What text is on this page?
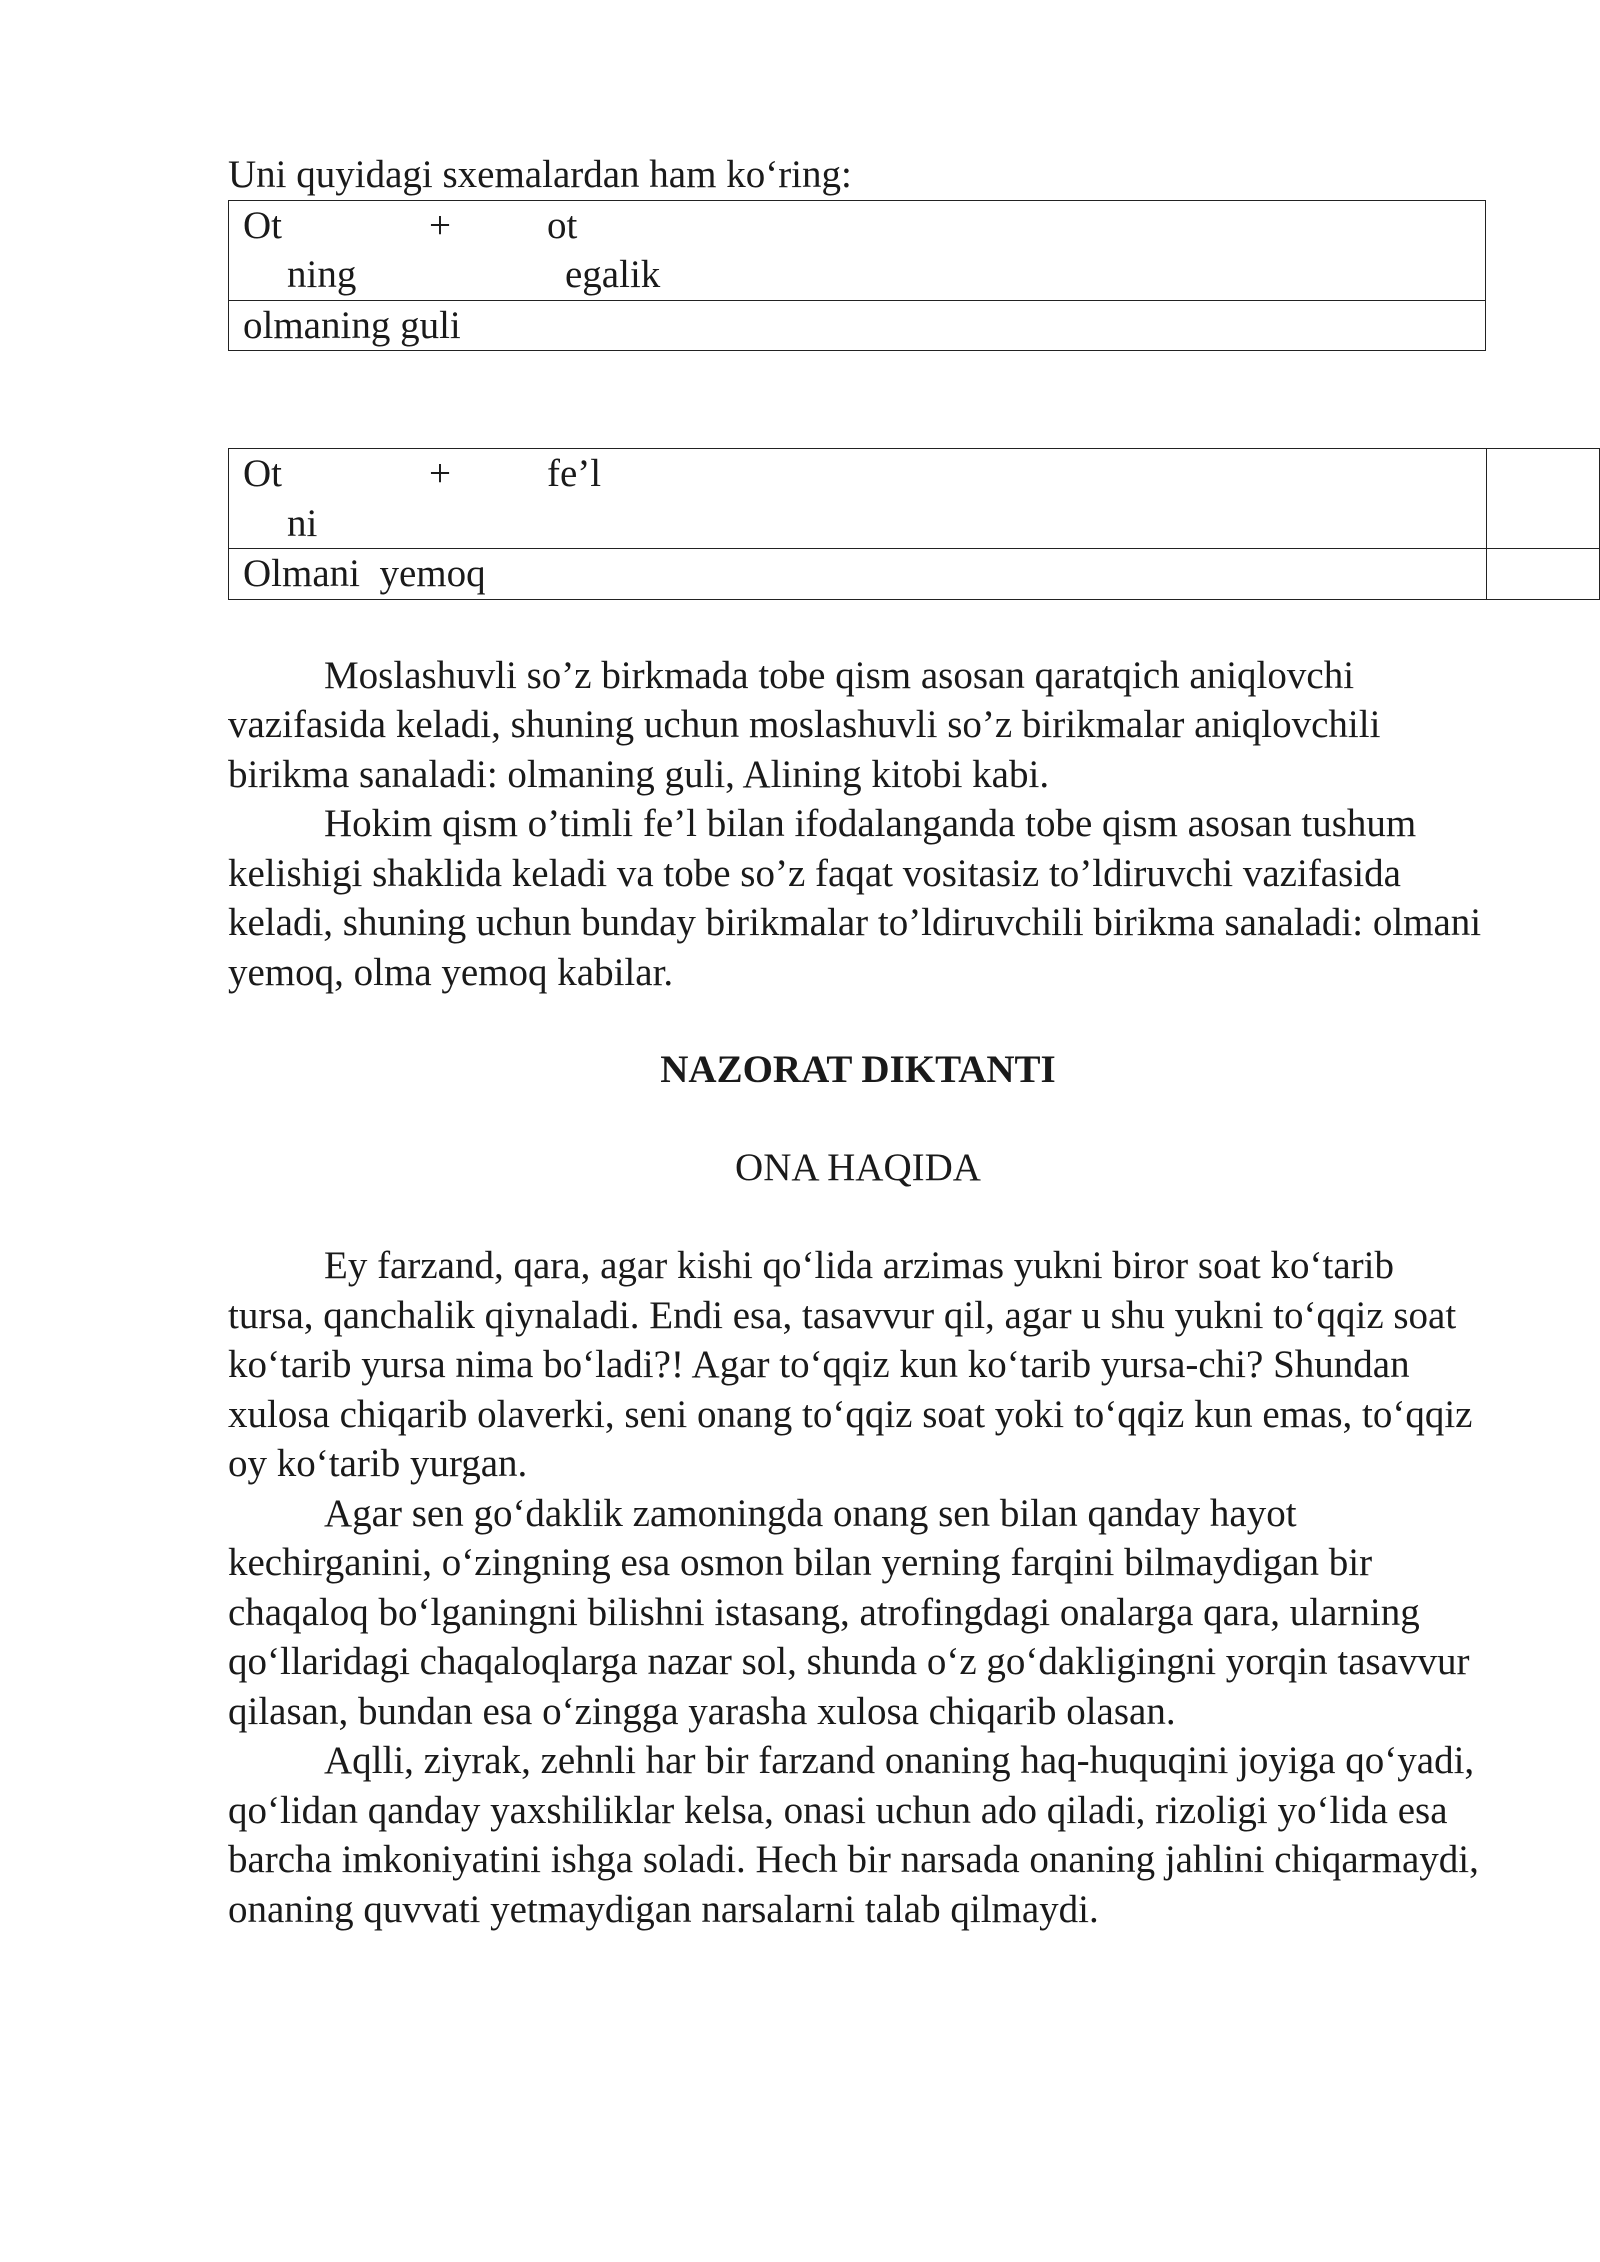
Uni quyidagi sxemalardan ham ko‘ring:

Ot	+ ot
ning	egalik

olmaning guli
Ot + fe’l
ni	

Olmani  yemoq	

Moslashuvli so’z birkmada tobe qism asosan qaratqich aniqlovchi vazifasida keladi, shuning uchun moslashuvli so’z birikmalar aniqlovchili birikma sanaladi: olmaning guli, Alining kitobi kabi.

Hokim qism o’timli fe’l bilan ifodalanganda tobe qism asosan tushum kelishigi shaklida keladi va tobe so’z faqat vositasiz to’ldiruvchi vazifasida keladi, shuning uchun bunday birikmalar to’ldiruvchili birikma sanaladi: olmani yemoq, olma yemoq kabilar.

NAZORAT DIKTANTI

ONA HAQIDA

Ey farzand, qara, agar kishi qo‘lida arzimas yukni biror soat ko‘tarib tursa, qanchalik qiynaladi. Endi esa, tasavvur qil, agar u shu yukni to‘qqiz soat ko‘tarib yursa nima bo‘ladi?! Agar to‘qqiz kun ko‘tarib yursa-chi? Shundan xulosa chiqarib olaverki, seni onang to‘qqiz soat yoki to‘qqiz kun emas, to‘qqiz oy ko‘tarib yurgan.

Agar sen go‘daklik zamoningda onang sen bilan qanday hayot kechirganini, o‘zingning esa osmon bilan yerning farqini bilmaydigan bir chaqaloq bo‘lganingni bilishni istasang, atrofingdagi onalarga qara, ularning qo‘llaridagi chaqaloqlarga nazar sol, shunda o‘z go‘dakligingni yorqin tasavvur qilasan, bundan esa o‘zingga yarasha xulosa chiqarib olasan.

Aqlli, ziyrak, zehnli har bir farzand onaning haq-huquqini joyiga qo‘yadi, qo‘lidan qanday yaxshiliklar kelsa, onasi uchun ado qiladi, rizoligi yo‘lida esa barcha imkoniyatini ishga soladi. Hech bir narsada onaning jahlini chiqarmaydi, onaning quvvati yetmaydigan narsalarni talab qilmaydi.
